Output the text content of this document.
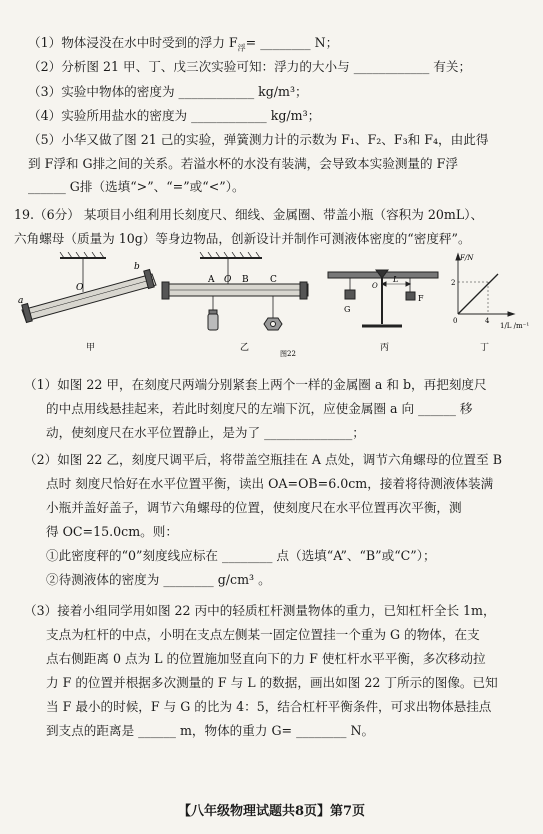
（1）物体浸没在水中时受到的浮力 $F_浮=$ ________ N；
（2）分析图 21 甲、丁、戊三次实验可知：浮力的大小与 ____________ 有关；
（3）实验中物体的密度为 ____________ kg/m³；
（4）实验所用盐水的密度为 ____________ kg/m³；
（5）小华又做了图 21 己的实验，弹簧测力计的示数为 F₁、F₂、F₃和 F₄，由此得
到 F浮和 G排之间的关系。若溢水杯的水没有装满，会导致本实验测量的 F浮
______ G排（选填“>”、“=”或“<”）。
19.（6分） 某项目小组利用长刻度尺、细线、金属圈、带盖小瓶（容积为 20mL）、
六角螺母（质量为 10g）等身边物品，创新设计并制作可测液体密度的“密度秤”。
a
b
O
A O B C
G
F
L
O
F/N
2
0	4
1/L /m⁻¹
甲	乙	丙	丁
图22
（1）如图 22 甲，在刻度尺两端分别紧套上两个一样的金属圈 a 和 b，再把刻度尺
的中点用线悬挂起来，若此时刻度尺的左端下沉，应使金属圈 a 向 ______ 移
动，使刻度尺在水平位置静止，是为了 ______________；
（2）如图 22 乙，刻度尺调平后，将带盖空瓶挂在 A 点处，调节六角螺母的位置至 B
点时 刻度尺恰好在水平位置平衡，读出 OA=OB=6.0cm，接着将待测液体装满
小瓶并盖好盖子，调节六角螺母的位置，使刻度尺在水平位置再次平衡，测
得 OC=15.0cm。则：
①此密度秤的“0”刻度线应标在 ________ 点（选填“A”、“B”或“C”）；
②待测液体的密度为 ________ g/cm³ 。
（3）接着小组同学用如图 22 丙中的轻质杠杆测量物体的重力，已知杠杆全长 1m，
支点为杠杆的中点，小明在支点左侧某一固定位置挂一个重为 G 的物体，在支
点右侧距离 0 点为 L 的位置施加竖直向下的力 F 使杠杆水平平衡，多次移动拉
力 F 的位置并根据多次测量的 F 与 L 的数据，画出如图 22 丁所示的图像。已知
当 F 最小的时候，F 与 G 的比为 4：5，结合杠杆平衡条件，可求出物体悬挂点
到支点的距离是 ______ m，物体的重力 G= ________ N。
【八年级物理试题共8页】第7页
